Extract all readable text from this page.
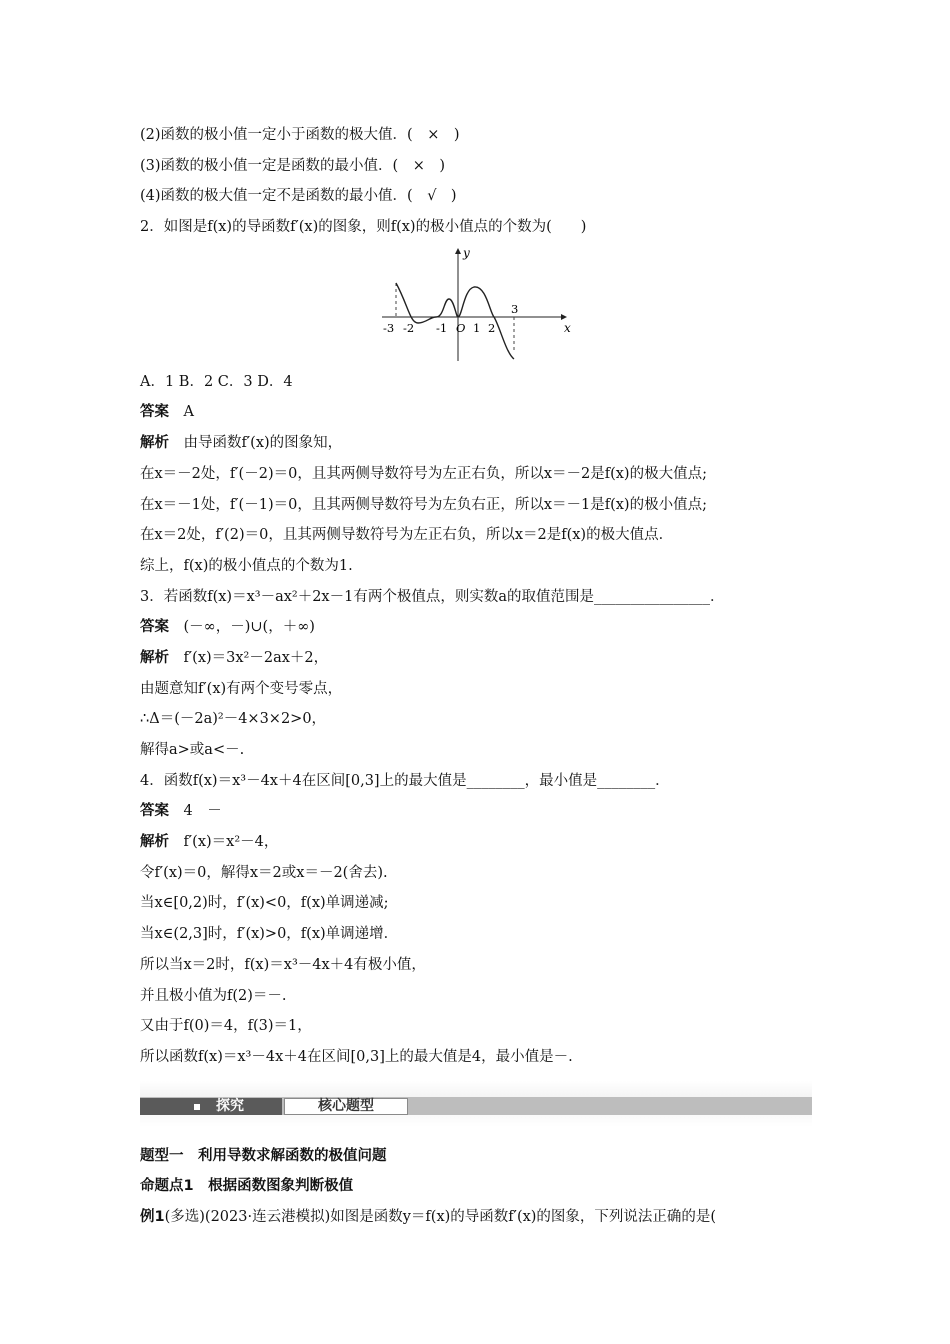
(2)函数的极小值一定小于函数的极大值．(　×　)
(3)函数的极小值一定是函数的最小值．(　×　)
(4)函数的极大值一定不是函数的最小值．(　√　)
2．如图是f(x)的导函数f′(x)的图象，则f(x)的极小值点的个数为(　　)
y
x
O
-3 -2 -1 1 2
3
A．1 B．2 C．3 D．4
答案　 A
解析　 由导函数f′(x)的图象知，
在x＝－2处，f′(－2)＝0，且其两侧导数符号为左正右负，所以x＝－2是f(x)的极大值点;
在x＝－1处，f′(－1)＝0，且其两侧导数符号为左负右正，所以x＝－1是f(x)的极小值点;
在x＝2处，f′(2)＝0，且其两侧导数符号为左正右负，所以x＝2是f(x)的极大值点．
综上，f(x)的极小值点的个数为1.
3．若函数f(x)＝x³－ax²＋2x－1有两个极值点，则实数a的取值范围是________________．
答案　 (－∞，－)∪(，＋∞)
解析　 f′(x)＝3x²－2ax＋2，
由题意知f′(x)有两个变号零点，
∴Δ＝(－2a)²－4×3×2>0，
解得a>或a<－.
4．函数f(x)＝x³－4x＋4在区间[0,3]上的最大值是________，最小值是________．
答案　 4　－
解析　 f′(x)＝x²－4，
令f′(x)＝0，解得x＝2或x＝－2(舍去).
当x∈[0,2)时，f′(x)<0，f(x)单调递减;
当x∈(2,3]时，f′(x)>0，f(x)单调递增．
所以当x＝2时，f(x)＝x³－4x＋4有极小值，
并且极小值为f(2)＝－.
又由于f(0)＝4，f(3)＝1，
所以函数f(x)＝x³－4x＋4在区间[0,3]上的最大值是4，最小值是－.
探究	核心题型
题型一　利用导数求解函数的极值问题
命题点1　根据函数图象判断极值
例1(多选)(2023·连云港模拟)如图是函数y＝f(x)的导函数f′(x)的图象，下列说法正确的是(
